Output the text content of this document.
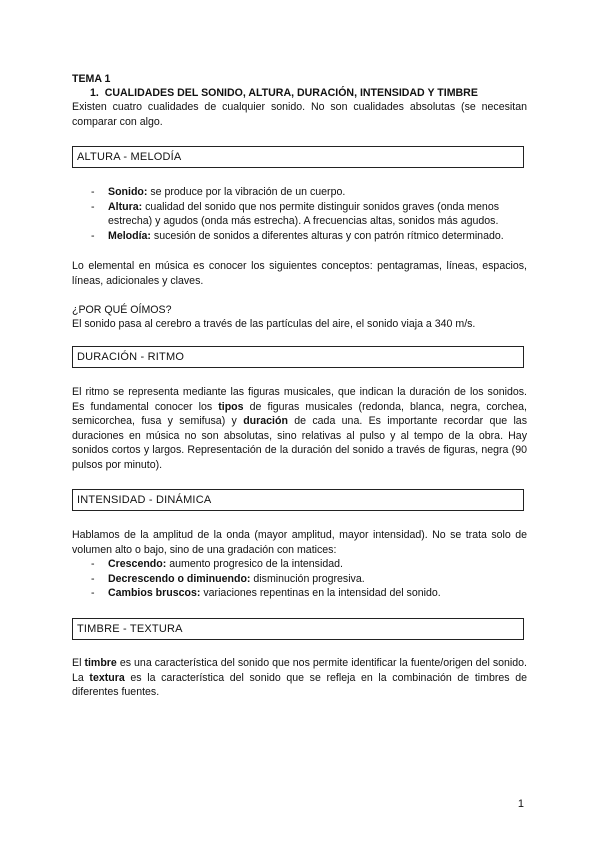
TEMA 1
1. CUALIDADES DEL SONIDO, ALTURA, DURACIÓN, INTENSIDAD Y TIMBRE
Existen cuatro cualidades de cualquier sonido. No son cualidades absolutas (se necesitan comparar con algo.
ALTURA - MELODÍA
- Sonido: se produce por la vibración de un cuerpo.
- Altura: cualidad del sonido que nos permite distinguir sonidos graves (onda menos estrecha) y agudos (onda más estrecha). A frecuencias altas, sonidos más agudos.
- Melodía: sucesión de sonidos a diferentes alturas y con patrón rítmico determinado.
Lo elemental en música es conocer los siguientes conceptos: pentagramas, líneas, espacios, líneas, adicionales y claves.
¿POR QUÉ OÍMOS?
El sonido pasa al cerebro a través de las partículas del aire, el sonido viaja a 340 m/s.
DURACIÓN - RITMO
El ritmo se representa mediante las figuras musicales, que indican la duración de los sonidos. Es fundamental conocer los tipos de figuras musicales (redonda, blanca, negra, corchea, semicorchea, fusa y semifusa) y duración de cada una. Es importante recordar que las duraciones en música no son absolutas, sino relativas al pulso y al tempo de la obra. Hay sonidos cortos y largos. Representación de la duración del sonido a través de figuras, negra (90 pulsos por minuto).
INTENSIDAD - DINÁMICA
Hablamos de la amplitud de la onda (mayor amplitud, mayor intensidad). No se trata solo de volumen alto o bajo, sino de una gradación con matices:
- Crescendo: aumento progresico de la intensidad.
- Decrescendo o diminuendo: disminución progresiva.
- Cambios bruscos: variaciones repentinas en la intensidad del sonido.
TIMBRE - TEXTURA
El timbre es una característica del sonido que nos permite identificar la fuente/origen del sonido. La textura es la característica del sonido que se refleja en la combinación de timbres de diferentes fuentes.
1
